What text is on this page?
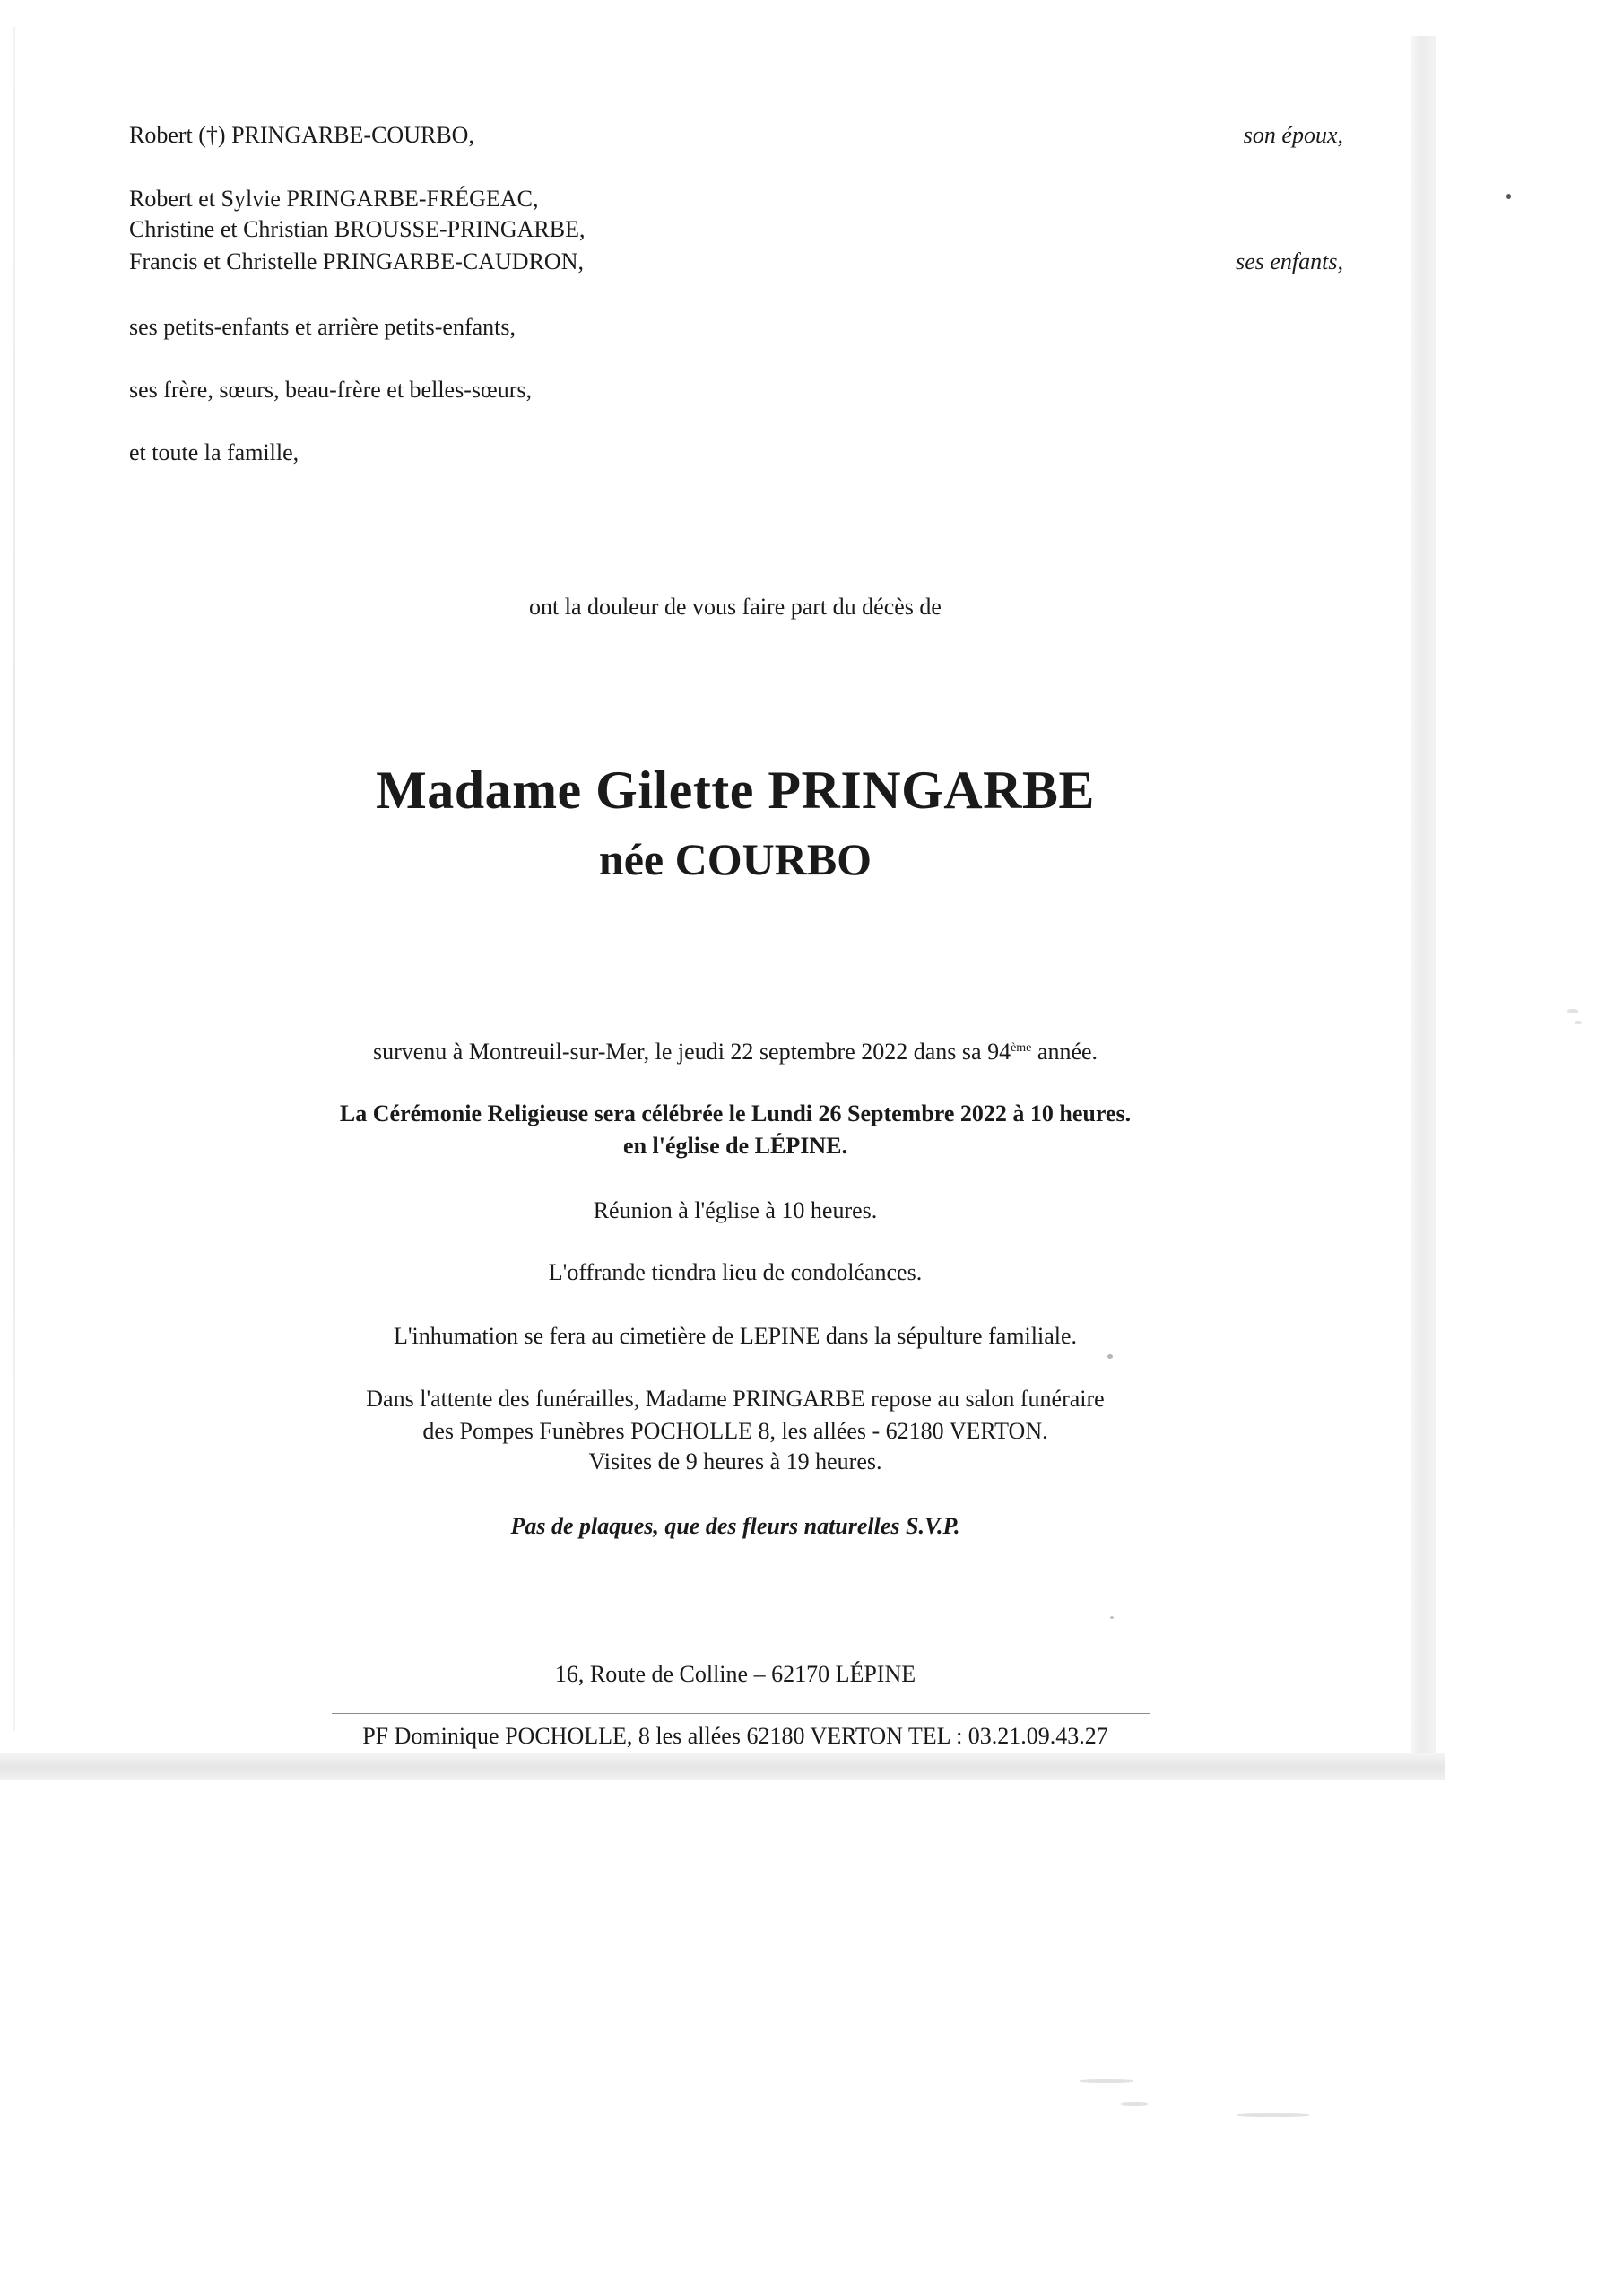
Robert (†) PRINGARBE-COURBO,	son époux,
Robert et Sylvie PRINGARBE-FRÉGEAC,
Christine et Christian BROUSSE-PRINGARBE,
Francis et Christelle PRINGARBE-CAUDRON,	ses enfants,
ses petits-enfants et arrière petits-enfants,
ses frère, sœurs, beau-frère et belles-sœurs,
et toute la famille,
ont la douleur de vous faire part du décès de
Madame Gilette PRINGARBE
née COURBO
survenu à Montreuil-sur-Mer, le jeudi 22 septembre 2022 dans sa 94ème année.
La Cérémonie Religieuse sera célébrée le Lundi 26 Septembre 2022 à 10 heures.
en l'église de LÉPINE.
Réunion à l'église à 10 heures.
L'offrande tiendra lieu de condoléances.
L'inhumation se fera au cimetière de LEPINE dans la sépulture familiale.
Dans l'attente des funérailles, Madame PRINGARBE repose au salon funéraire
des Pompes Funèbres POCHOLLE 8, les allées - 62180 VERTON.
Visites de 9 heures à 19 heures.
Pas de plaques, que des fleurs naturelles S.V.P.
16, Route de Colline – 62170 LÉPINE
PF Dominique POCHOLLE, 8 les allées 62180 VERTON TEL : 03.21.09.43.27
